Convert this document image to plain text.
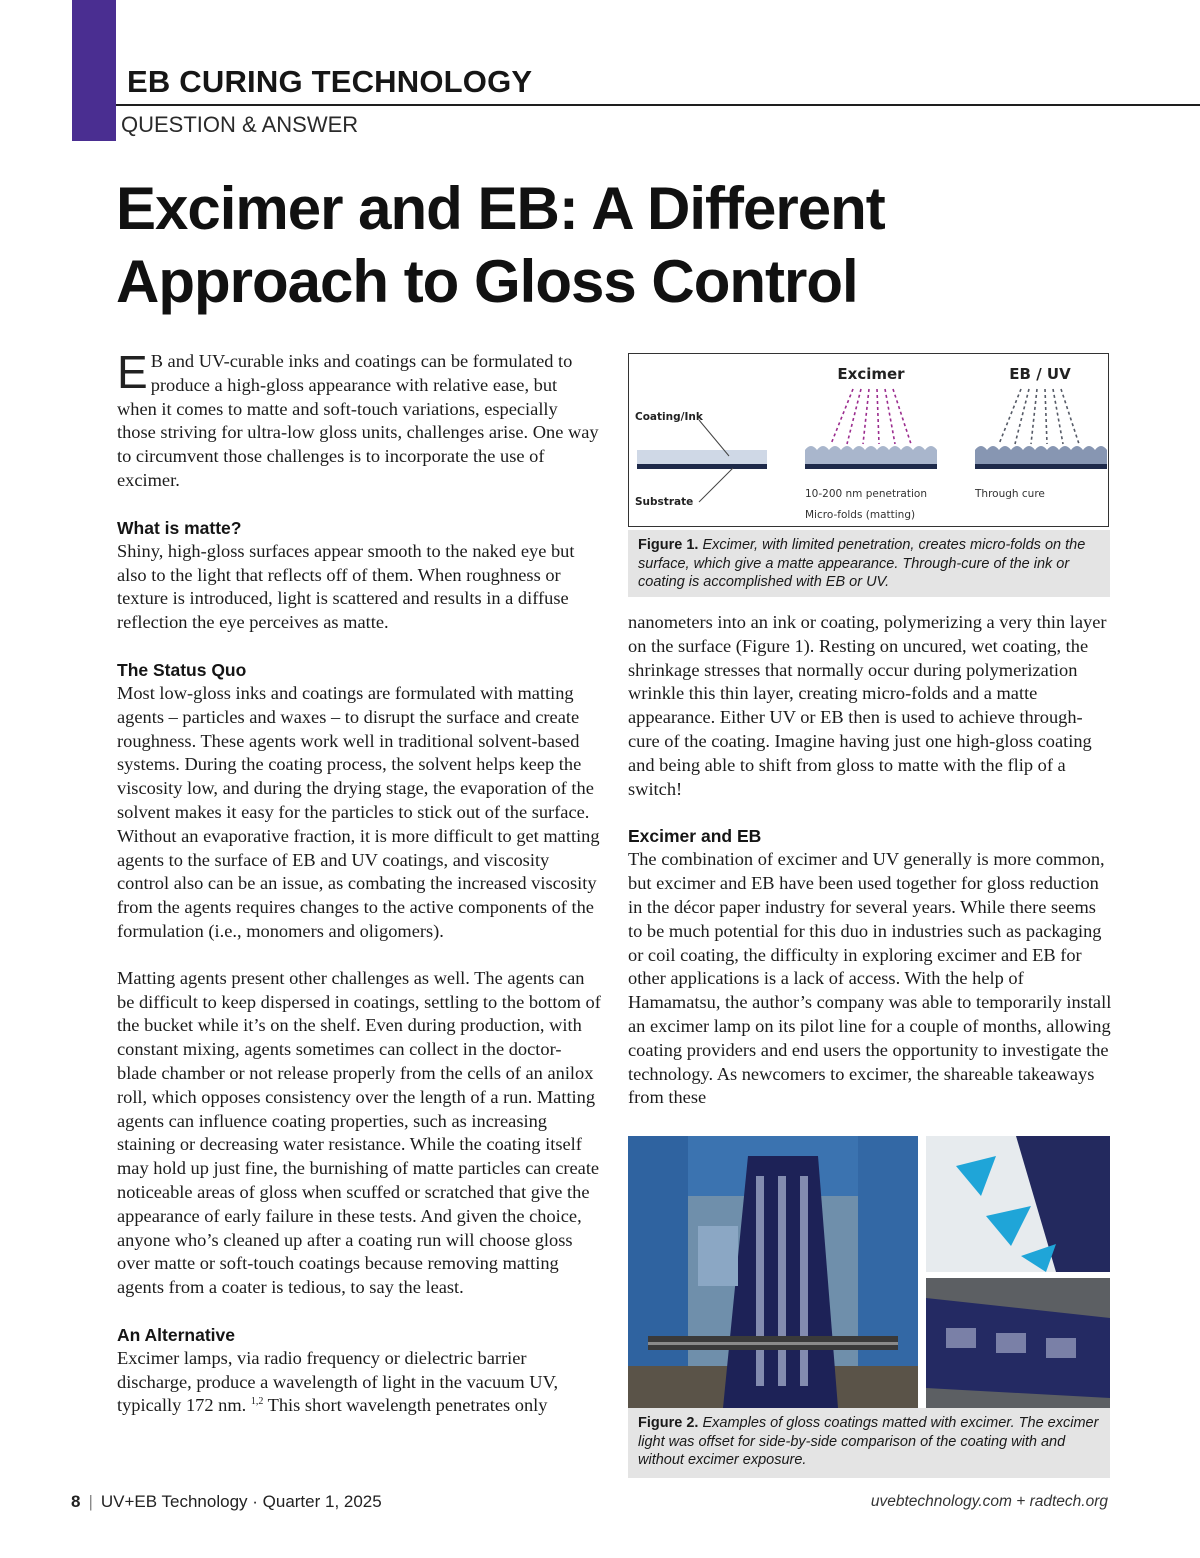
EB CURING TECHNOLOGY
QUESTION & ANSWER
Excimer and EB: A Different
Approach to Gloss Control

E B and UV-curable inks and coatings can be formulated to produce a high-gloss appearance with relative ease, but when it comes to matte and soft-touch variations, especially those striving for ultra-low gloss units, challenges arise. One way to circumvent those challenges is to incorporate the use of excimer.

What is matte?

Shiny, high-gloss surfaces appear smooth to the naked eye but also to the light that reflects off of them. When roughness or texture is introduced, light is scattered and results in a diffuse reflection the eye perceives as matte.

The Status Quo

Most low-gloss inks and coatings are formulated with matting agents – particles and waxes – to disrupt the surface and create roughness. These agents work well in traditional solvent-based systems. During the coating process, the solvent helps keep the viscosity low, and during the drying stage, the evaporation of the solvent makes it easy for the particles to stick out of the surface. Without an evaporative fraction, it is more difficult to get matting agents to the surface of EB and UV coatings, and viscosity control also can be an issue, as combating the increased viscosity from the agents requires changes to the active components of the formulation (i.e., monomers and oligomers).

Matting agents present other challenges as well. The agents can be difficult to keep dispersed in coatings, settling to the bottom of the bucket while it’s on the shelf. Even during production, with constant mixing, agents sometimes can collect in the doctor-blade chamber or not release properly from the cells of an anilox roll, which opposes consistency over the length of a run. Matting agents can influence coating properties, such as increasing staining or decreasing water resistance. While the coating itself may hold up just fine, the burnishing of matte particles can create noticeable areas of gloss when scuffed or scratched that give the appearance of early failure in these tests. And given the choice, anyone who’s cleaned up after a coating run will choose gloss over matte or soft-touch coatings because removing matting agents from a coater is tedious, to say the least.

An Alternative

Excimer lamps, via radio frequency or dielectric barrier discharge, produce a wavelength of light in the vacuum UV, typically 172 nm. $^{1,2}$ This short wavelength penetrates only

Excimer	EB / UV
Coating/Ink
Substrate
10-200 nm penetration
Micro-folds (matting)
Through cure
Figure 1. Excimer, with limited penetration, creates micro-folds on the surface, which give a matte appearance. Through-cure of the ink or coating is accomplished with EB or UV.

nanometers into an ink or coating, polymerizing a very thin layer on the surface (Figure 1). Resting on uncured, wet coating, the shrinkage stresses that normally occur during polymerization wrinkle this thin layer, creating micro-folds and a matte appearance. Either UV or EB then is used to achieve through-cure of the coating. Imagine having just one high-gloss coating and being able to shift from gloss to matte with the flip of a switch!

Excimer and EB

The combination of excimer and UV generally is more common, but excimer and EB have been used together for gloss reduction in the décor paper industry for several years. While there seems to be much potential for this duo in industries such as packaging or coil coating, the difficulty in exploring excimer and EB for other applications is a lack of access. With the help of Hamamatsu, the author’s company was able to temporarily install an excimer lamp on its pilot line for a couple of months, allowing coating providers and end users the opportunity to investigate the technology. As newcomers to excimer, the shareable takeaways from these

Figure 2. Examples of gloss coatings matted with excimer. The excimer light was offset for side-by-side comparison of the coating with and without excimer exposure.
8 | UV+EB Technology · Quarter 1, 2025	uvebtechnology.com + radtech.org
